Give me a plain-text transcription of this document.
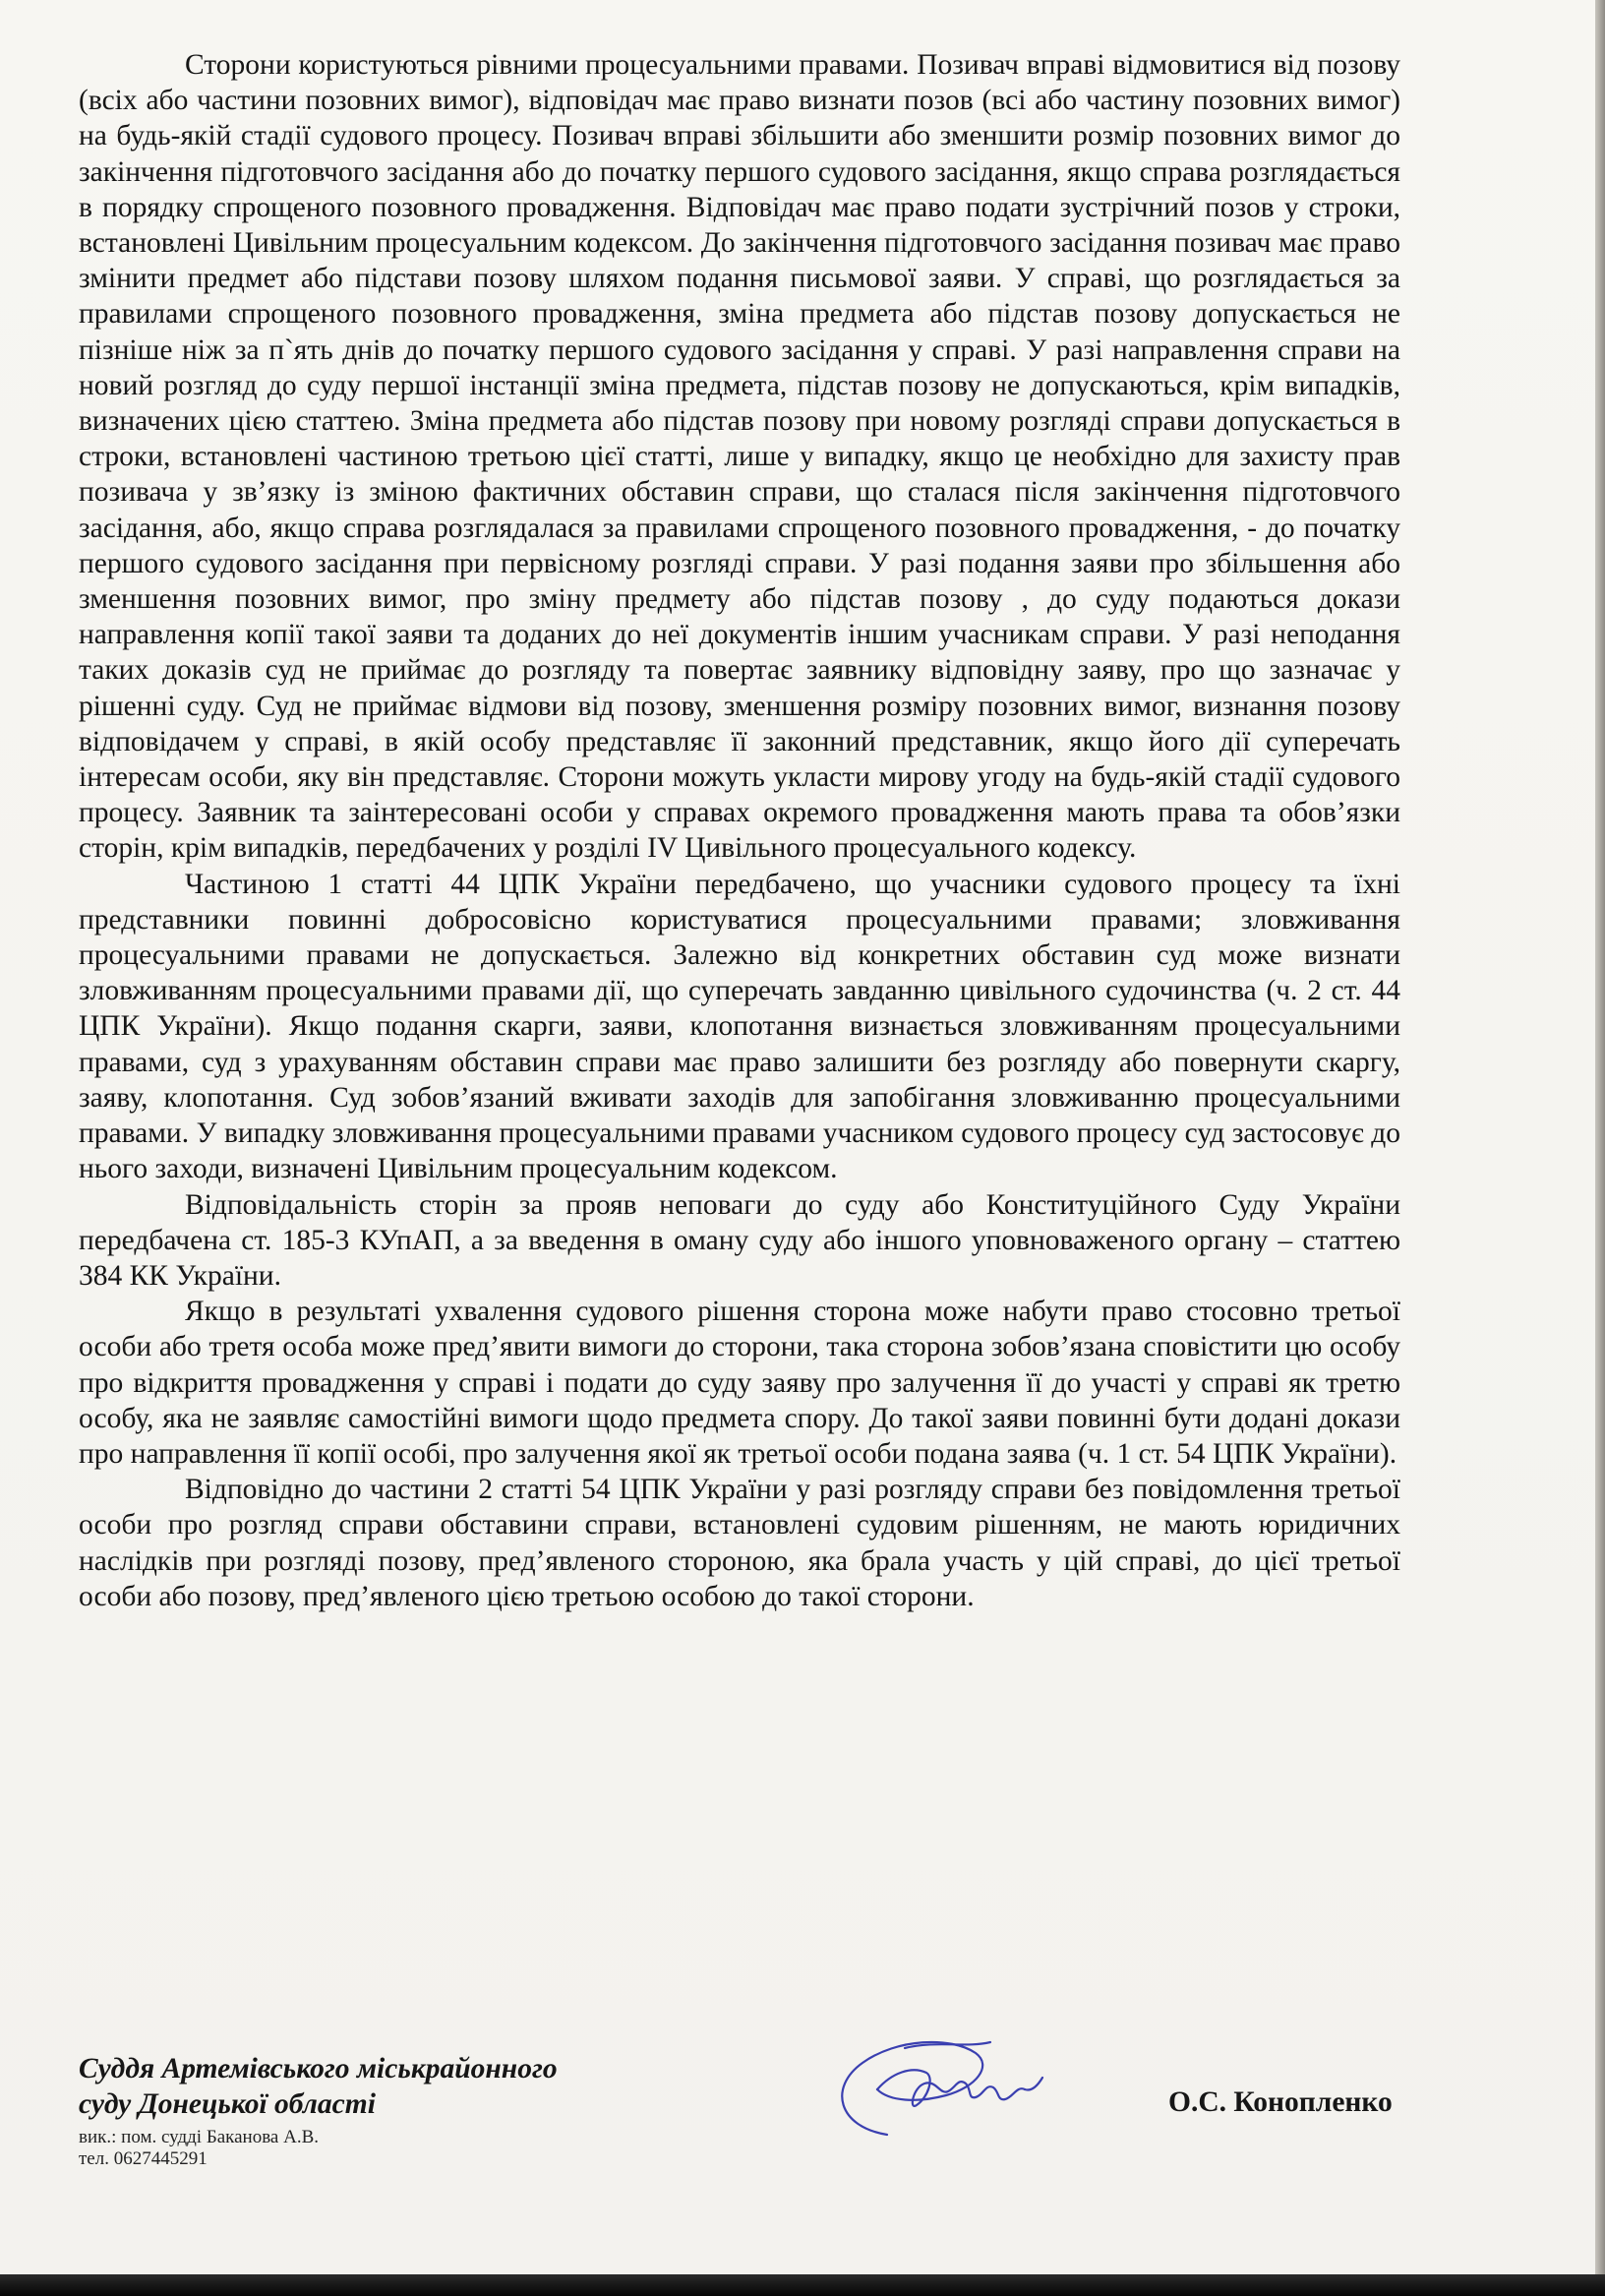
Сторони користуються рівними процесуальними правами. Позивач вправі відмовитися від позову (всіх або частини позовних вимог), відповідач має право визнати позов (всі або частину позовних вимог) на будь-якій стадії судового процесу. Позивач вправі збільшити або зменшити розмір позовних вимог до закінчення підготовчого засідання або до початку першого судового засідання, якщо справа розглядається в порядку спрощеного позовного провадження. Відповідач має право подати зустрічний позов у строки, встановлені Цивільним процесуальним кодексом. До закінчення підготовчого засідання позивач має право змінити предмет або підстави позову шляхом подання письмової заяви. У справі, що розглядається за правилами спрощеного позовного провадження, зміна предмета або підстав позову допускається не пізніше ніж за п`ять днів до початку першого судового засідання у справі. У разі направлення справи на новий розгляд до суду першої інстанції зміна предмета, підстав позову не допускаються, крім випадків, визначених цією статтею. Зміна предмета або підстав позову при новому розгляді справи допускається в строки, встановлені частиною третьою цієї статті, лише у випадку, якщо це необхідно для захисту прав позивача у зв’язку із зміною фактичних обставин справи, що сталася після закінчення підготовчого засідання, або, якщо справа розглядалася за правилами спрощеного позовного провадження, - до початку першого судового засідання при первісному розгляді справи. У разі подання заяви про збільшення або зменшення позовних вимог, про зміну предмету або підстав позову , до суду подаються докази направлення копії такої заяви та доданих до неї документів іншим учасникам справи. У разі неподання таких доказів суд не приймає до розгляду та повертає заявнику відповідну заяву, про що зазначає у рішенні суду. Суд не приймає відмови від позову, зменшення розміру позовних вимог, визнання позову відповідачем у справі, в якій особу представляє її законний представник, якщо його дії суперечать інтересам особи, яку він представляє. Сторони можуть укласти мирову угоду на будь-якій стадії судового процесу. Заявник та заінтересовані особи у справах окремого провадження мають права та обов’язки сторін, крім випадків, передбачених у розділі IV Цивільного процесуального кодексу.

Частиною 1 статті 44 ЦПК України передбачено, що учасники судового процесу та їхні представники повинні добросовісно користуватися процесуальними правами; зловживання процесуальними правами не допускається. Залежно від конкретних обставин суд може визнати зловживанням процесуальними правами дії, що суперечать завданню цивільного судочинства (ч. 2 ст. 44 ЦПК України). Якщо подання скарги, заяви, клопотання визнається зловживанням процесуальними правами, суд з урахуванням обставин справи має право залишити без розгляду або повернути скаргу, заяву, клопотання. Суд зобов’язаний вживати заходів для запобігання зловживанню процесуальними правами. У випадку зловживання процесуальними правами учасником судового процесу суд застосовує до нього заходи, визначені Цивільним процесуальним кодексом.

Відповідальність сторін за прояв неповаги до суду або Конституційного Суду України передбачена ст. 185-3 КУпАП, а за введення в оману суду або іншого уповноваженого органу – статтею 384 КК України.

Якщо в результаті ухвалення судового рішення сторона може набути право стосовно третьої особи або третя особа може пред’явити вимоги до сторони, така сторона зобов’язана сповістити цю особу про відкриття провадження у справі і подати до суду заяву про залучення її до участі у справі як третю особу, яка не заявляє самостійні вимоги щодо предмета спору. До такої заяви повинні бути додані докази про направлення її копії особі, про залучення якої як третьої особи подана заява (ч. 1 ст. 54 ЦПК України).

Відповідно до частини 2 статті 54 ЦПК України у разі розгляду справи без повідомлення третьої особи про розгляд справи обставини справи, встановлені судовим рішенням, не мають юридичних наслідків при розгляді позову, пред’явленого стороною, яка брала участь у цій справі, до цієї третьої особи або позову, пред’явленого цією третьою особою до такої сторони.

Суддя Артемівського міськрайонного
суду Донецької області
вик.: пом. судді Баканова А.В.
тел. 0627445291
О.С. Конопленко
